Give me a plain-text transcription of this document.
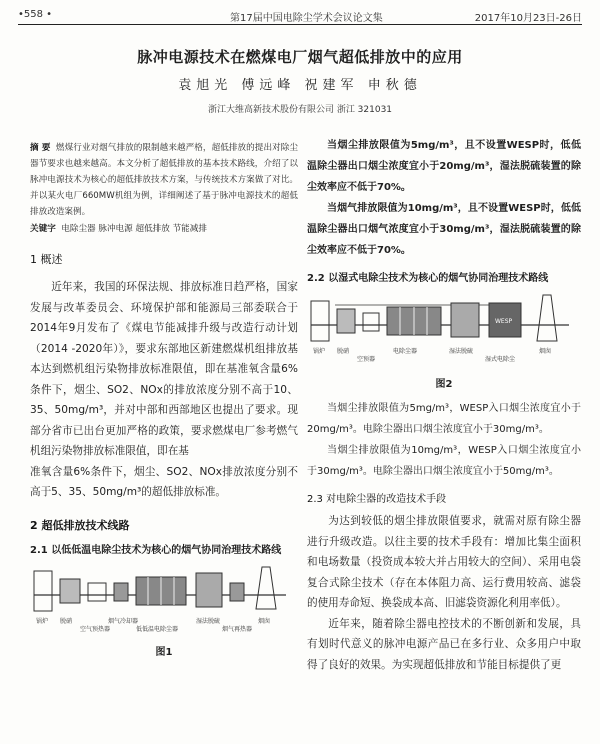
•558 •	第17届中国电除尘学术会议论文集	2017年10月23日-26日
脉冲电源技术在燃煤电厂烟气超低排放中的应用
袁旭光 傅远峰 祝建军 申秋德
浙江大维高新技术股份有限公司 浙江 321031
摘 要 燃煤行业对烟气排放的限制越来越严格，超低排放的提出对除尘器节要求也越来越高。本文分析了超低排放的基本技术路线，介绍了以脉冲电源技术为核心的超低排放技术方案，与传统技术方案做了对比。并以某火电厂660MW机组为例，详细阐述了基于脉冲电源技术的超低排放改造案例。
关键字 电除尘器 脉冲电源 超低排放 节能减排
1 概述

近年来，我国的环保法规、排放标准日趋严格，国家发展与改革委员会、环境保护部和能源局三部委联合于2014年9月发布了《煤电节能减排升级与改造行动计划（2014 -2020年）》，要求东部地区新建燃煤机组排放基本达到燃机组污染物排放标准限值，即在基准氧含量6%条件下，烟尘、SO2、NOx的排放浓度分别不高于10、35、50mg/m³，并对中部和西部地区也提出了要求。现部分省市已出台更加严格的政策，要求燃煤电厂参考燃气机组污染物排放标准限值，即在基

准氧含量6%条件下，烟尘、SO2、NOx排放浓度分别不高于5、35、50mg/m³的超低排放标准。

2 超低排放技术线路
2.1 以低低温电除尘技术为核心的烟气协同治理技术路线
锅炉 脱硝
空气预热器
烟气冷却器
低低温电除尘器
湿法脱硫
烟气再热器
烟囱
图1

当烟尘排放限值为5mg/m³，且不设置WESP时，低低温除尘器出口烟尘浓度宜小于20mg/m³，湿法脱硫装置的除尘效率应不低于70%。

当烟气排放限值为10mg/m³，且不设置WESP时，低低温除尘器出口烟气浓度宜小于30mg/m³，湿法脱硫装置的除尘效率应不低于70%。

2.2 以湿式电除尘技术为核心的烟气协同治理技术路线
锅炉 脱硝
空预器
电除尘器	湿法脱硫
湿式电除尘
WESP
烟囱
图2

当烟尘排放限值为5mg/m³，WESP入口烟尘浓度宜小于20mg/m³。电除尘器出口烟尘浓度宜小于30mg/m³。

当烟尘排放限值为10mg/m³，WESP入口烟尘浓度宜小于30mg/m³。电除尘器出口烟尘浓度宜小于50mg/m³。

2.3 对电除尘器的改造技术手段

为达到较低的烟尘排放限值要求，就需对原有除尘器进行升级改造。以往主要的技术手段有：增加比集尘面积和电场数量（投资成本较大并占用较大的空间）、采用电袋复合式除尘技术（存在本体阻力高、运行费用较高、滤袋的使用寿命短、换袋成本高、旧滤袋资源化利用率低）。

近年来，随着除尘器电控技术的不断创新和发展，具有划时代意义的脉冲电源产品已在多行业、众多用户中取得了良好的效果。为实现超低排放和节能目标提供了更
